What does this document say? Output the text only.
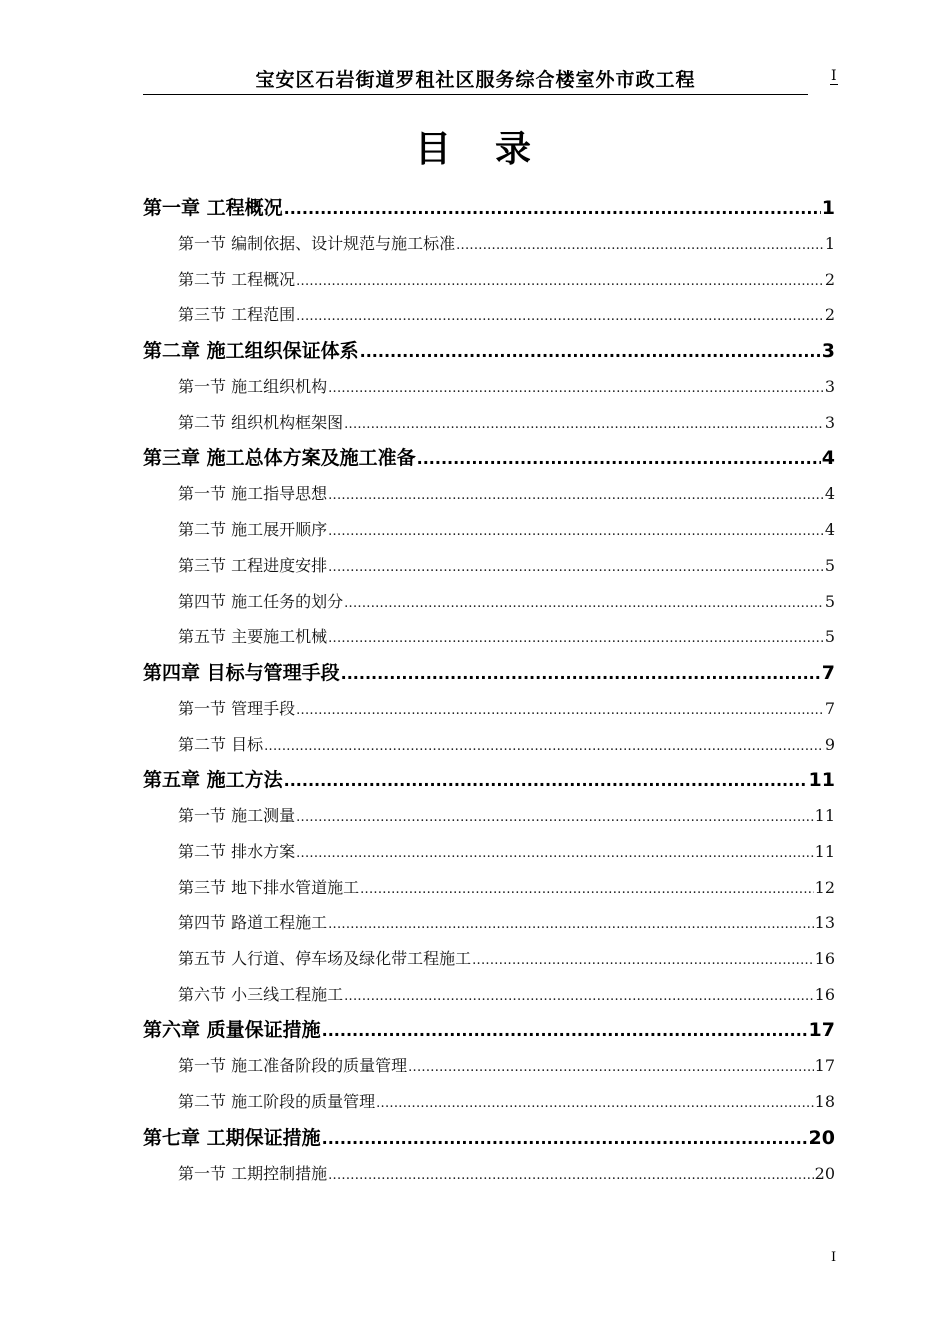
宝安区石岩街道罗租社区服务综合楼室外市政工程	I
目　录
第一章 工程概况 .....	1
第一节 编制依据、设计规范与施工标准 .....	1
第二节 工程概况 .....	2
第三节 工程范围 .....	2
第二章 施工组织保证体系 .....	3
第一节 施工组织机构 .....	3
第二节 组织机构框架图 .....	3
第三章 施工总体方案及施工准备 .....	4
第一节 施工指导思想 .....	4
第二节 施工展开顺序 .....	4
第三节 工程进度安排 .....	5
第四节 施工任务的划分 .....	5
第五节 主要施工机械 .....	5
第四章 目标与管理手段 .....	7
第一节 管理手段 .....	7
第二节 目标 .....	9
第五章 施工方法 .....	11
第一节 施工测量 .....	11
第二节 排水方案 .....	11
第三节 地下排水管道施工 .....	12
第四节 路道工程施工 .....	13
第五节 人行道、停车场及绿化带工程施工 .....	16
第六节 小三线工程施工 .....	16
第六章 质量保证措施 .....	17
第一节 施工准备阶段的质量管理 .....	17
第二节 施工阶段的质量管理 .....	18
第七章 工期保证措施 .....	20
第一节 工期控制措施 .....	20
I
